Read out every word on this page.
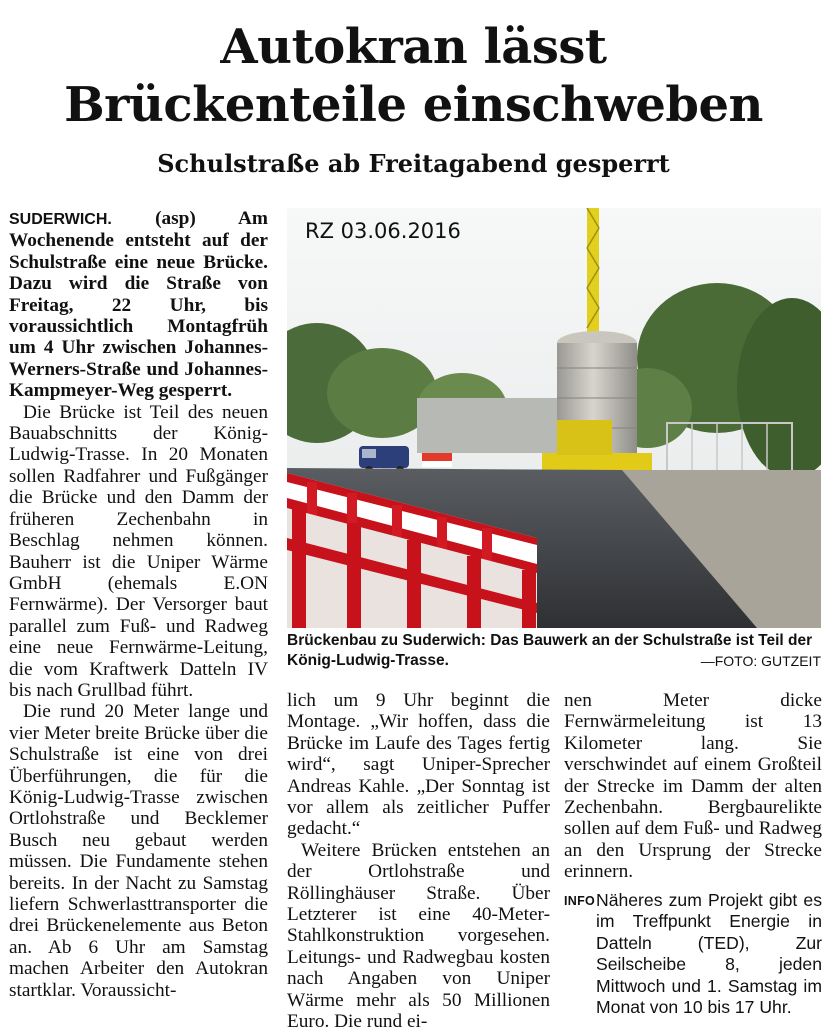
Autokran lässt
Brückenteile einschweben
Schulstraße ab Freitagabend gesperrt

SUDERWICH. (asp) Am Wochenende entsteht auf der Schulstraße eine neue Brücke. Dazu wird die Straße von Freitag, 22 Uhr, bis voraussichtlich Montagfrüh um 4 Uhr zwischen Johannes-Werners-Straße und Johannes-Kampmeyer-Weg gesperrt.

Die Brücke ist Teil des neuen Bauabschnitts der König-Ludwig-Trasse. In 20 Monaten sollen Radfahrer und Fußgänger die Brücke und den Damm der früheren Zechenbahn in Beschlag nehmen können. Bauherr ist die Uniper Wärme GmbH (ehemals E.ON Fernwärme). Der Versorger baut parallel zum Fuß- und Radweg eine neue Fernwärme-Leitung, die vom Kraftwerk Datteln IV bis nach Grullbad führt.

Die rund 20 Meter lange und vier Meter breite Brücke über die Schulstraße ist eine von drei Überführungen, die für die König-Ludwig-Trasse zwischen Ortlohstraße und Becklemer Busch neu gebaut werden müssen. Die Fundamente stehen bereits. In der Nacht zu Samstag liefern Schwerlasttransporter die drei Brückenelemente aus Beton an. Ab 6 Uhr am Samstag machen Arbeiter den Autokran startklar. Voraussicht-

RZ 03.06.2016
Brückenbau zu Suderwich: Das Bauwerk an der Schulstraße ist Teil der König-Ludwig-Trasse.	—FOTO: GUTZEIT

lich um 9 Uhr beginnt die Montage. „Wir hoffen, dass die Brücke im Laufe des Tages fertig wird“, sagt Uniper-Sprecher Andreas Kahle. „Der Sonntag ist vor allem als zeitlicher Puffer gedacht.“

Weitere Brücken entstehen an der Ortlohstraße und Röllinghäuser Straße. Über Letzterer ist eine 40-Meter-Stahlkonstruktion vorgesehen. Leitungs- und Radwegbau kosten nach Angaben von Uniper Wärme mehr als 50 Millionen Euro. Die rund ei-

nen Meter dicke Fernwärmeleitung ist 13 Kilometer lang. Sie verschwindet auf einem Großteil der Strecke im Damm der alten Zechenbahn. Bergbaurelikte sollen auf dem Fuß- und Radweg an den Ursprung der Strecke erinnern.

INFO Näheres zum Projekt gibt es im Treffpunkt Energie in Datteln (TED), Zur Seilscheibe 8, jeden Mittwoch und 1. Samstag im Monat von 10 bis 17 Uhr.
